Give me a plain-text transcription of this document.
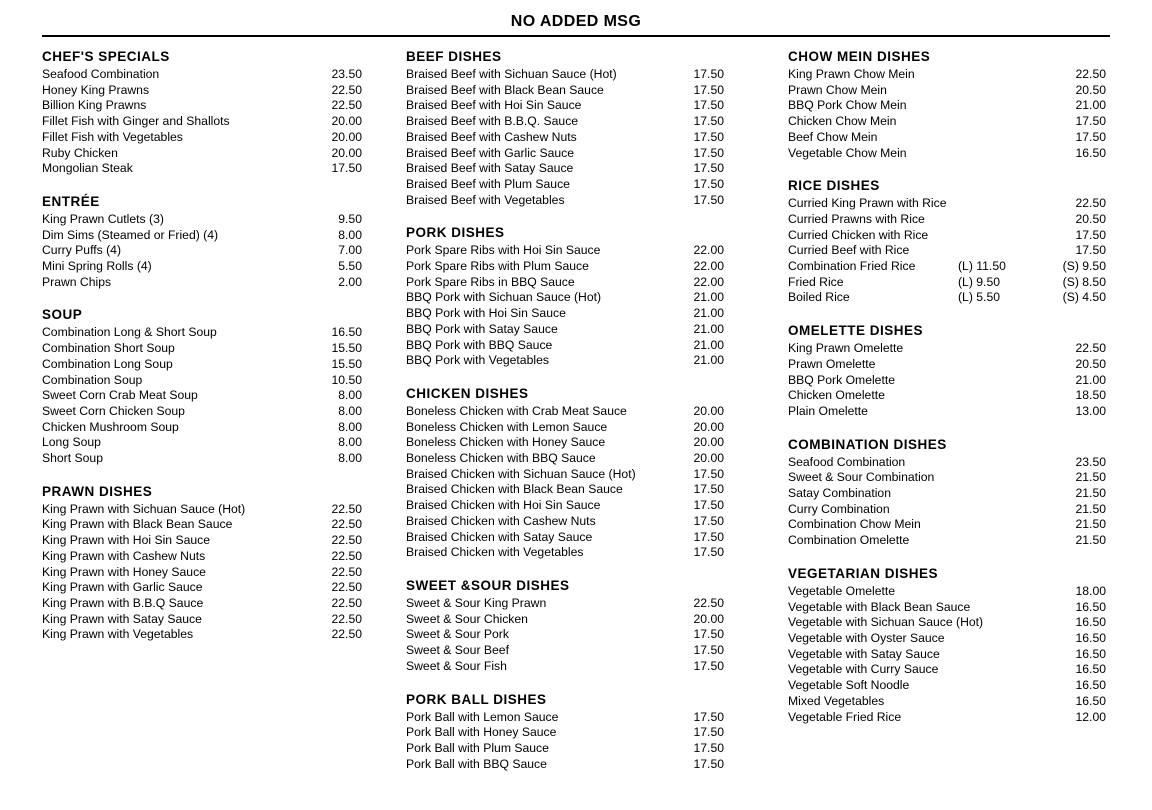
NO ADDED MSG
CHEF'S SPECIALS
Seafood Combination	23.50
Honey King Prawns	22.50
Billion King Prawns	22.50
Fillet Fish with Ginger and Shallots	20.00
Fillet Fish with Vegetables	20.00
Ruby Chicken	20.00
Mongolian Steak	17.50
ENTRÉE
King Prawn Cutlets (3)	9.50
Dim Sims (Steamed or Fried) (4)	8.00
Curry Puffs (4)	7.00
Mini Spring Rolls (4)	5.50
Prawn Chips	2.00
SOUP
Combination Long & Short Soup	16.50
Combination Short Soup	15.50
Combination Long Soup	15.50
Combination Soup	10.50
Sweet Corn Crab Meat Soup	8.00
Sweet Corn Chicken Soup	8.00
Chicken Mushroom Soup	8.00
Long Soup	8.00
Short Soup	8.00
PRAWN DISHES
King Prawn with Sichuan Sauce (Hot)	22.50
King Prawn with Black Bean Sauce	22.50
King Prawn with Hoi Sin Sauce	22.50
King Prawn with Cashew Nuts	22.50
King Prawn with Honey Sauce	22.50
King Prawn with Garlic Sauce	22.50
King Prawn with B.B.Q Sauce	22.50
King Prawn with Satay Sauce	22.50
King Prawn with Vegetables	22.50
BEEF DISHES
Braised Beef with Sichuan Sauce (Hot)	17.50
Braised Beef with Black Bean Sauce	17.50
Braised Beef with Hoi Sin Sauce	17.50
Braised Beef with B.B.Q. Sauce	17.50
Braised Beef with Cashew Nuts	17.50
Braised Beef with Garlic Sauce	17.50
Braised Beef with Satay Sauce	17.50
Braised Beef with Plum Sauce	17.50
Braised Beef with Vegetables	17.50
PORK DISHES
Pork Spare Ribs with Hoi Sin Sauce	22.00
Pork Spare Ribs with Plum Sauce	22.00
Pork Spare Ribs in BBQ Sauce	22.00
BBQ Pork with Sichuan Sauce (Hot)	21.00
BBQ Pork with Hoi Sin Sauce	21.00
BBQ Pork with Satay Sauce	21.00
BBQ Pork with BBQ Sauce	21.00
BBQ Pork with Vegetables	21.00
CHICKEN DISHES
Boneless Chicken with Crab Meat Sauce	20.00
Boneless Chicken with Lemon Sauce	20.00
Boneless Chicken with Honey Sauce	20.00
Boneless Chicken with BBQ Sauce	20.00
Braised Chicken with Sichuan Sauce (Hot)	17.50
Braised Chicken with Black Bean Sauce	17.50
Braised Chicken with Hoi Sin Sauce	17.50
Braised Chicken with Cashew Nuts	17.50
Braised Chicken with Satay Sauce	17.50
Braised Chicken with Vegetables	17.50
SWEET &SOUR DISHES
Sweet & Sour King Prawn	22.50
Sweet & Sour Chicken	20.00
Sweet & Sour Pork	17.50
Sweet & Sour Beef	17.50
Sweet & Sour Fish	17.50
PORK BALL DISHES
Pork Ball with Lemon Sauce	17.50
Pork Ball with Honey Sauce	17.50
Pork Ball with Plum Sauce	17.50
Pork Ball with BBQ Sauce	17.50
CHOW MEIN DISHES
King Prawn Chow Mein	22.50
Prawn Chow Mein	20.50
BBQ Pork Chow Mein	21.00
Chicken Chow Mein	17.50
Beef Chow Mein	17.50
Vegetable Chow Mein	16.50
RICE DISHES
Curried King Prawn with Rice	22.50
Curried Prawns with Rice	20.50
Curried Chicken with Rice	17.50
Curried Beef with Rice	17.50
Combination Fried Rice	(L) 11.50	(S) 9.50
Fried Rice	(L) 9.50	(S) 8.50
Boiled Rice	(L) 5.50	(S) 4.50
OMELETTE DISHES
King Prawn Omelette	22.50
Prawn Omelette	20.50
BBQ Pork Omelette	21.00
Chicken Omelette	18.50
Plain Omelette	13.00
COMBINATION DISHES
Seafood Combination	23.50
Sweet & Sour Combination	21.50
Satay Combination	21.50
Curry Combination	21.50
Combination Chow Mein	21.50
Combination Omelette	21.50
VEGETARIAN DISHES
Vegetable Omelette	18.00
Vegetable with Black Bean Sauce	16.50
Vegetable with Sichuan Sauce (Hot)	16.50
Vegetable with Oyster Sauce	16.50
Vegetable with Satay Sauce	16.50
Vegetable with Curry Sauce	16.50
Vegetable Soft Noodle	16.50
Mixed Vegetables	16.50
Vegetable Fried Rice	12.00
